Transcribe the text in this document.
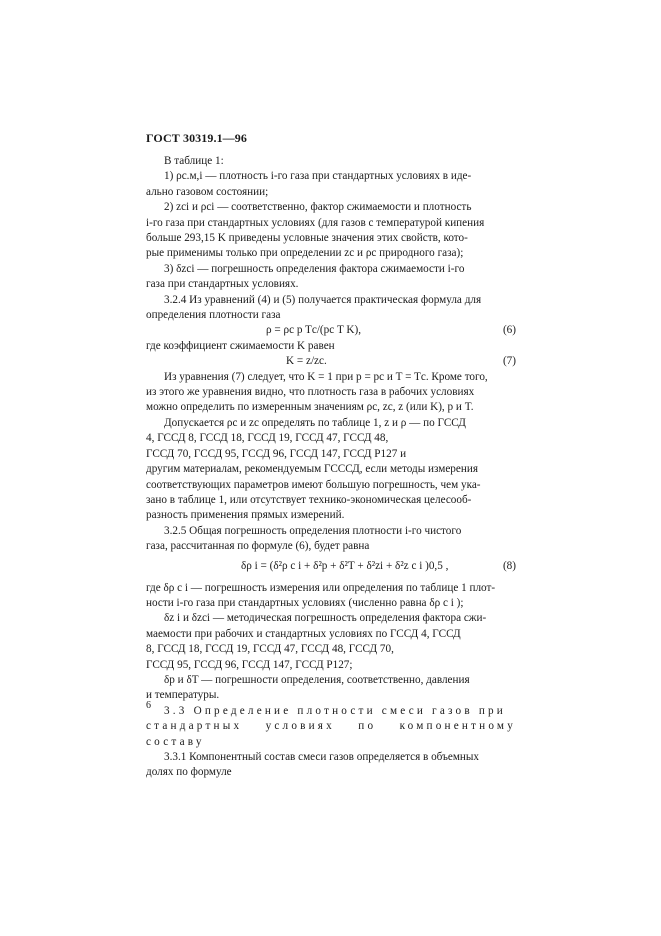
ГОСТ 30319.1—96

В таблице 1:

1) ρс.м,i — плотность i-го газа при стандартных условиях в иде-

ально газовом состоянии;

2) zсi и ρсi — соответственно, фактор сжимаемости и плотность

i-го газа при стандартных условиях (для газов с температурой кипения

больше 293,15 K приведены условные значения этих свойств, кото-

рые применимы только при определении zс и ρс природного газа);

3) δzсi — погрешность определения фактора сжимаемости i-го

газа при стандартных условиях.

3.2.4 Из уравнений (4) и (5) получается практическая формула для

определения плотности газа

ρ = ρс p Tс/(pс T K),	(6)

где коэффициент сжимаемости K равен

K = z/zс.	(7)

Из уравнения (7) следует, что K = 1 при p = pс и T = Tс. Кроме того,

из этого же уравнения видно, что плотность газа в рабочих условиях

можно определить по измеренным значениям ρс, zс, z (или K), p и T.

Допускается ρс и zс определять по таблице 1, z и ρ — по ГССД

4, ГССД 8, ГССД 18, ГССД 19, ГССД 47, ГССД 48,

ГССД 70, ГССД 95, ГССД 96, ГССД 147, ГССД Р127 и

другим материалам, рекомендуемым ГСССД, если методы измерения

соответствующих параметров имеют большую погрешность, чем ука-

зано в таблице 1, или отсутствует технико-экономическая целесооб-

разность применения прямых измерений.

3.2.5 Общая погрешность определения плотности i-го чистого

газа, рассчитанная по формуле (6), будет равна

δρ i = (δ²ρ с i + δ²p + δ²T + δ²zi + δ²z с i )0,5 ,	(8)

где δρ с i — погрешность измерения или определения по таблице 1 плот-

ности i-го газа при стандартных условиях (численно равна δρ с i );

δz i и δzсi — методическая погрешность определения фактора сжи-

маемости при рабочих и стандартных условиях по ГССД 4, ГССД

8, ГССД 18, ГССД 19, ГССД 47, ГССД 48, ГССД 70,

ГССД 95, ГССД 96, ГССД 147, ГССД Р127;

δp и δT — погрешности определения, соответственно, давления

и температуры.

3.3 Определение плотности смеси газов при

стандартных условиях по компонентному составу

3.3.1 Компонентный состав смеси газов определяется в объемных

долях по формуле

6
